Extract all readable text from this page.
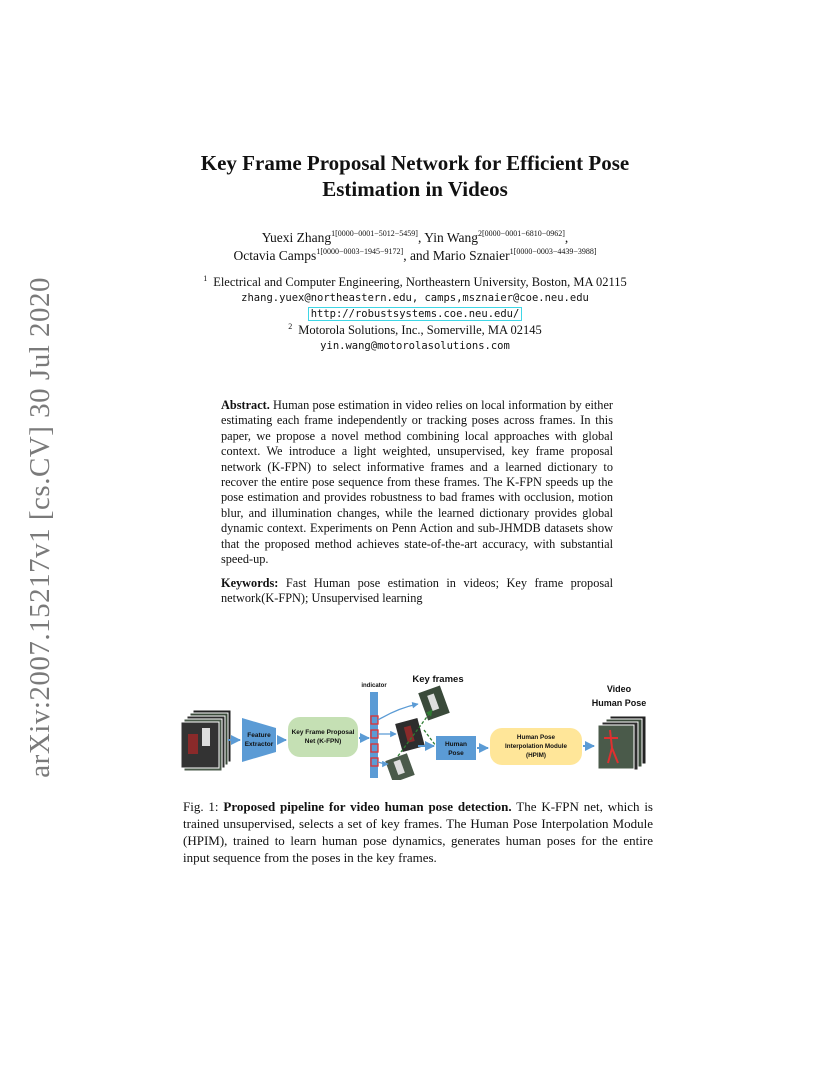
arXiv:2007.15217v1 [cs.CV] 30 Jul 2020
Key Frame Proposal Network for Efficient Pose
Estimation in Videos
Yuexi Zhang$^{1[0000-0001-5012-5459]}$, Yin Wang$^{2[0000-0001-6810-0962]}$,
Octavia Camps$^{1[0000-0003-1945-9172]}$, and Mario Sznaier$^{1[0000-0003-4439-3988]}$
$^1$ Electrical and Computer Engineering, Northeastern University, Boston, MA 02115
zhang.yuex@northeastern.edu, camps,msznaier@coe.neu.edu
http://robustsystems.coe.neu.edu/
$^2$ Motorola Solutions, Inc., Somerville, MA 02145
yin.wang@motorolasolutions.com
Abstract. Human pose estimation in video relies on local information by either estimating each frame independently or tracking poses across frames. In this paper, we propose a novel method combining local approaches with global context. We introduce a light weighted, unsupervised, key frame proposal network (K-FPN) to select informative frames and a learned dictionary to recover the entire pose sequence from these frames. The K-FPN speeds up the pose estimation and provides robustness to bad frames with occlusion, motion blur, and illumination changes, while the learned dictionary provides global dynamic context. Experiments on Penn Action and sub-JHMDB datasets show that the proposed method achieves state-of-the-art accuracy, with substantial speed-up.
Keywords: Fast Human pose estimation in videos; Key frame proposal network(K-FPN); Unsupervised learning
Feature
Extractor
Key Frame Proposal
Net (K-FPN)
indicator
Key frames
Human
Pose
Human Pose
Interpolation Module
(HPIM)
Video
Human Pose
Fig. 1: Proposed pipeline for video human pose detection. The K-FPN net, which is trained unsupervised, selects a set of key frames. The Human Pose Interpolation Module (HPIM), trained to learn human pose dynamics, generates human poses for the entire input sequence from the poses in the key frames.
